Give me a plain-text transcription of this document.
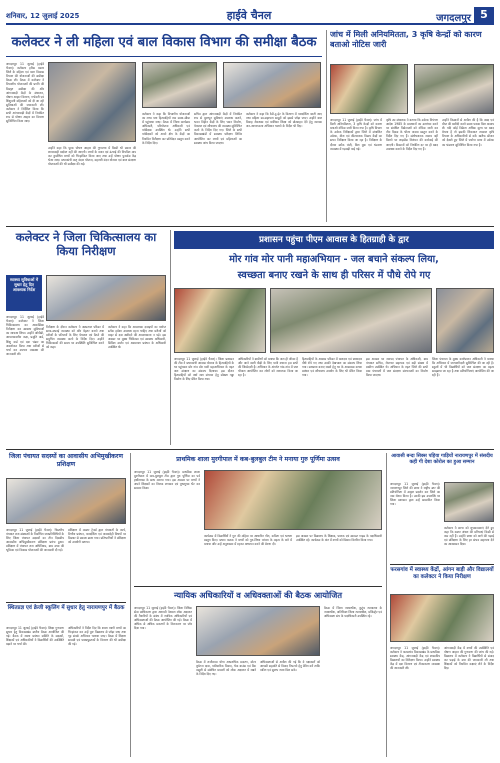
शनिवार, 12 जुलाई 2025	हाईवे चैनल	जगदलपुर 5
कलेक्टर ने ली महिला एवं बाल विकास विभाग की समीक्षा बैठक
जगदलपुर 11 जुलाई (हाईवे चैनल)। कलेक्टर हरिस बस्तर जिले के महिला एवं बाल विकास विभाग की योजनाओं की समीक्षा बैठक ली। बैठक में कलेक्टर ने विभागीय योजनाओं की प्रगति की विस्तृत समीक्षा की और आंगनबाड़ी केंद्रों के संचालन, पोषण आहार वितरण, गर्भवती एवं शिशुवती महिलाओं को दी जा रही सुविधाओं की जानकारी ली। कलेक्टर ने निर्देशित किया कि सभी आंगनबाड़ी केंद्रों में नियमित रूप से पोषण आहार का वितरण सुनिश्चित किया जाए।
उन्होंने कहा कि पूरक पोषण आहार की गुणवत्ता में किसी भी प्रकार की लापरवाही बर्दाश्त नहीं की जाएगी। बच्चों के वजन एवं ऊंचाई की नियमित माप कर कुपोषित बच्चों को चिन्हांकित किया जाए तथा उन्हें पोषण पुनर्वास केंद्र भेजा जाए। प्रधानमंत्री मातृ वंदना योजना, महतारी वंदन योजना एवं बाल संरक्षण योजनाओं की भी समीक्षा की गई।
कलेक्टर ने कहा कि विभागीय योजनाओं का लाभ पात्र हितग्राहियों तक समय-सीमा में पहुंचाया जाए। बैठक में जिला कार्यक्रम अधिकारी, परियोजना अधिकारी एवं पर्यवेक्षक उपस्थित थे। उन्होंने सभी पर्यवेक्षकों को अपने क्षेत्र के केंद्रों का नियमित निरीक्षण कर प्रतिवेदन प्रस्तुत करने के निर्देश दिए।
सचिव द्वारा आंगनबाड़ी केंद्रों में नियमित रूप से मूलभूत सुविधाएं उपलब्ध कराने, भवन विहीन केंद्रों के लिए भवन निर्माण, पेयजल एवं शौचालय की व्यवस्था सुनिश्चित करने के निर्देश दिए गए। जिले के सभी विकासखंडों में स्वास्थ्य परीक्षण शिविर आयोजित कर बच्चों एवं महिलाओं का स्वास्थ्य जांच किया जाएगा।
कलेक्टर ने कहा कि रेडी-टू-ईट के वितरण में पारदर्शिता बरती जाए तथा महिला स्व-सहायता समूहों को इससे जोड़ा जाए। उन्होंने बाल विवाह रोकथाम एवं बालिका शिक्षा को प्रोत्साहन देने हेतु व्यापक जन-जागरूकता अभियान चलाने के निर्देश भी दिए।
जांच में मिली अनियमितता, 3 कृषि केन्द्रों को कारण बताओ नोटिस जारी
जगदलपुर 11 जुलाई (हाईवे चैनल)। जांच में मिली अनियमितता, 3 कृषि केन्द्रों को कारण बताओ नोटिस जारी किया गया है। कृषि विभाग के उर्वरक निरीक्षकों द्वारा जिले में संचालित उर्वरक, बीज एवं कीटनाशक विक्रय केंद्रों का सघन निरीक्षण किया जा रहा है। निरीक्षण के दौरान स्टॉक पंजी, बिल बुक एवं भंडारण व्यवस्था में गड़बड़ी पाई गई।
कृषि उप संचालक ने बताया कि उर्वरक नियंत्रण आदेश 1985 के प्रावधानों का उल्लंघन करने पर संबंधित विक्रेताओं को नोटिस जारी कर तीन दिवस के भीतर जवाब प्रस्तुत करने के निर्देश दिए गए हैं। संतोषजनक जवाब नहीं मिलने पर लाइसेंस निलंबन की कार्रवाई की जाएगी। किसानों को निर्धारित दर पर ही खाद उपलब्ध कराने के निर्देश दिए गए हैं।
उन्होंने किसानों से अपील की है कि खाद एवं बीज की खरीदी करते समय पक्का बिल अवश्य लें। यदि कोई विक्रेता अधिक मूल्य पर खाद बेचता है तो इसकी शिकायत तत्काल कृषि विभाग के अधिकारियों से करें। खरीफ सीजन को देखते हुए जिले में पर्याप्त मात्रा में उर्वरक का भंडारण सुनिश्चित किया गया है।
कलेक्टर ने जिला चिकित्सालय का किया निरीक्षण
स्वास्थ्य सुविधाओं में सुधार हेतु दिए आवश्यक निर्देश
जगदलपुर 11 जुलाई (हाईवे चैनल)। कलेक्टर ने जिला चिकित्सालय का आकस्मिक निरीक्षण कर स्वास्थ्य सुविधाओं का जायजा लिया। उन्होंने ओपीडी, आपातकालीन कक्ष, प्रसूति वार्ड, शिशु वार्ड एवं दवा भंडार का अवलोकन किया तथा मरीजों से चर्चा कर उपचार व्यवस्था की जानकारी ली।
निरीक्षण के दौरान कलेक्टर ने अस्पताल परिसर में साफ-सफाई व्यवस्था को और बेहतर बनाने तथा मरीजों के परिजनों के लिए पेयजल एवं बैठने की समुचित व्यवस्था करने के निर्देश दिए। उन्होंने चिकित्सकों की समय पर उपस्थिति सुनिश्चित करने को कहा।
कलेक्टर ने कहा कि आवश्यक दवाइयों का पर्याप्त स्टॉक हमेशा उपलब्ध रहना चाहिए तथा मरीजों को बाहर से दवा खरीदने की आवश्यकता न पड़े। इस अवसर पर मुख्य चिकित्सा एवं स्वास्थ्य अधिकारी, सिविल सर्जन एवं अस्पताल प्रबंधन के अधिकारी उपस्थित थे।
प्रशासन पहुंचा पीएम आवास के हितग्राही के द्वार
मोर गांव मोर पानी महाअभियान - जल बचाने संकल्प लिया,
स्वच्छता बनाए रखने के साथ ही परिसर में पौधे रोपे गए
जगदलपुर 11 जुलाई (हाईवे चैनल)। जिला प्रशासन की टीम ने प्रधानमंत्री आवास योजना के हितग्राहियों के घर पहुंचकर मोर गांव मोर पानी महाअभियान के तहत जल संरक्षण का संकल्प दिलाया। इस दौरान हितग्राहियों को वर्षा जल संचयन हेतु सोख्ता गड्ढा निर्माण के लिए प्रेरित किया गया।
अधिकारियों ने ग्रामीणों को बताया कि जल ही जीवन है और आने वाली पीढ़ी के लिए पानी बचाना हम सभी की जिम्मेदारी है। अभियान के अंतर्गत गांव-गांव में जल चौपाल आयोजित कर लोगों को जागरूक किया जा रहा है।
हितग्राहियों के आवास परिसर में फलदार एवं छायादार पौधे रोपे गए तथा उनकी देखभाल का संकल्प लिया गया। स्वच्छता बनाए रखने हेतु घर के आसपास कचरा प्रबंधन एवं शौचालय उपयोग के लिए भी प्रेरित किया गया।
इस अवसर पर जनपद पंचायत के अधिकारी, ग्राम पंचायत सचिव, रोजगार सहायक एवं बड़ी संख्या में ग्रामीण उपस्थित थे। अभियान के तहत जिले की सभी ग्राम पंचायतों में जल संरक्षण संरचनाओं का निर्माण किया जाएगा।
जिला पंचायत के मुख्य कार्यपालन अधिकारी ने बताया कि अभियान में जनभागीदारी सुनिश्चित की जा रही है। स्कूलों में भी विद्यार्थियों को जल संरक्षण का महत्व समझाया जा रहा है तथा प्रतियोगिताएं आयोजित की जा रही हैं।
जिला पंचायत सदस्यों का आवासीय अभिमुखीकरण प्रशिक्षण
जगदलपुर 11 जुलाई (हाईवे चैनल)। त्रिस्तरीय पंचायत राज संस्थाओं के निर्वाचित जनप्रतिनिधियों के लिए जिला पंचायत सदस्यों का तीन दिवसीय आवासीय अभिमुखीकरण प्रशिक्षण प्रारंभ हुआ। प्रशिक्षण में पंचायत राज अधिनियम, ग्राम सभा की भूमिका एवं विकास योजनाओं की जानकारी दी गई।
प्रशिक्षण में मास्टर ट्रेनर्स द्वारा पंचायतों के कार्य, वित्तीय प्रबंधन, पारदर्शिता एवं जवाबदेही विषयों पर विस्तार से प्रकाश डाला गया। प्रतिभागियों ने प्रशिक्षण को उपयोगी बताया।
स्थितप्रज्ञ एवं क्रेजी स्कूलिंग में सुधार हेतु नारायणपुर में बैठक
जगदलपुर 11 जुलाई (हाईवे चैनल)। शिक्षा गुणवत्ता सुधार हेतु विकासखंड स्तरीय बैठक आयोजित की गई। बैठक में शाला प्रबंधन समिति के सदस्यों, शिक्षकों एवं अधिकारियों ने विद्यार्थियों की उपस्थिति बढ़ाने पर चर्चा की।
अधिकारियों ने निर्देश दिए कि शाला त्यागी बच्चों का चिन्हांकन कर उन्हें पुनः विद्यालय से जोड़ा जाए तथा गृह संपर्क अभियान चलाया जाए। बैठक में शिक्षण सामग्री एवं पाठ्यपुस्तकों के वितरण की भी समीक्षा की गई।
प्राथमिक शाला मुरगीपाल में कब-बुलबुल टीम ने मनाया गुरु पूर्णिमा उत्सव
जगदलपुर 11 जुलाई (हाईवे चैनल)। प्राथमिक शाला मुरगीपाल में कब-बुलबुल टीम द्वारा गुरु पूर्णिमा का पर्व हर्षोल्लास के साथ मनाया गया। इस अवसर पर बच्चों ने अपने शिक्षकों का तिलक लगाकर एवं पुष्पगुच्छ भेंट कर सम्मान किया।
कार्यक्रम में विद्यार्थियों ने गुरु की महिमा पर आधारित गीत, कविता एवं भाषण प्रस्तुत किए। प्रधान पाठक ने बच्चों को गुरु-शिष्य परंपरा के महत्व के बारे में बताया और उन्हें अनुशासन में रहकर अध्ययन करने की प्रेरणा दी।
इस अवसर पर विद्यालय के शिक्षक, पालक एवं स्काउट गाइड के पदाधिकारी उपस्थित रहे। कार्यक्रम के अंत में बच्चों को मिष्ठान वितरित किया गया।
न्यायिक अधिकारियों व अधिवक्ताओं की बैठक आयोजित
जगदलपुर 11 जुलाई (हाईवे चैनल)। जिला विधिक सेवा प्राधिकरण द्वारा आगामी नेशनल लोक अदालत की तैयारियों के संबंध में न्यायिक अधिकारियों एवं अधिवक्ताओं की बैठक आयोजित की गई। बैठक में अधिक से अधिक प्रकरणों के निराकरण पर जोर दिया गया।
बैठक में राजीनामा योग्य आपराधिक प्रकरण, मोटर दुर्घटना दावा, पारिवारिक विवाद, चेक बाउंस एवं बैंक वसूली से संबंधित मामलों को लोक अदालत में रखने के निर्देश दिए गए।
अधिवक्ताओं से अपील की गई कि वे पक्षकारों को आपसी सहमति से विवाद निपटाने हेतु प्रेरित करें ताकि त्वरित एवं सुलभ न्याय मिल सके।
बैठक में जिला न्यायाधीश, कुटुंब न्यायालय के न्यायाधीश, अतिरिक्त जिला न्यायाधीश, मजिस्ट्रेट एवं अधिवक्ता संघ के पदाधिकारी उपस्थित रहे।
आवासी बन्दा सिक्स पहिया गाड़ियों नारायणपुर में संसदीय कही गी देशा कोरोल का हुआ सम्मान
जगदलपुर 11 जुलाई (हाईवे चैनल)। नारायणपुर जिले की छात्रा ने राष्ट्रीय स्तर की प्रतियोगिता में उत्कृष्ट प्रदर्शन कर जिले का नाम रोशन किया है। उनकी इस उपलब्धि पर जिला प्रशासन द्वारा उन्हें सम्मानित किया गया।
कलेक्टर ने छात्रा को शुभकामनाएं देते हुए कहा कि बस्तर अंचल की प्रतिभाएं किसी से कम नहीं हैं। उन्होंने छात्रा को आगे की पढ़ाई एवं प्रशिक्षण के लिए हर संभव सहायता देने का आश्वासन दिया।
फरसगांव में स्वास्थ्य केंद्रों, आंगन बाड़ी और विद्यालयों का कलेक्टर ने किया निरीक्षण
जगदलपुर 11 जुलाई (हाईवे चैनल)। कलेक्टर ने फरसगांव विकासखंड के प्राथमिक स्वास्थ्य केंद्र, आंगनबाड़ी केंद्र एवं शासकीय विद्यालयों का निरीक्षण किया। उन्होंने स्वास्थ्य केंद्र में दवा वितरण एवं टीकाकरण व्यवस्था की जानकारी ली।
आंगनबाड़ी केंद्र में बच्चों की उपस्थिति एवं पोषण आहार की गुणवत्ता की जांच की गई। विद्यालय में कलेक्टर ने विद्यार्थियों से संवाद कर पढ़ाई के स्तर की जानकारी ली तथा शिक्षकों को नियमित कक्षाएं लेने के निर्देश दिए।
